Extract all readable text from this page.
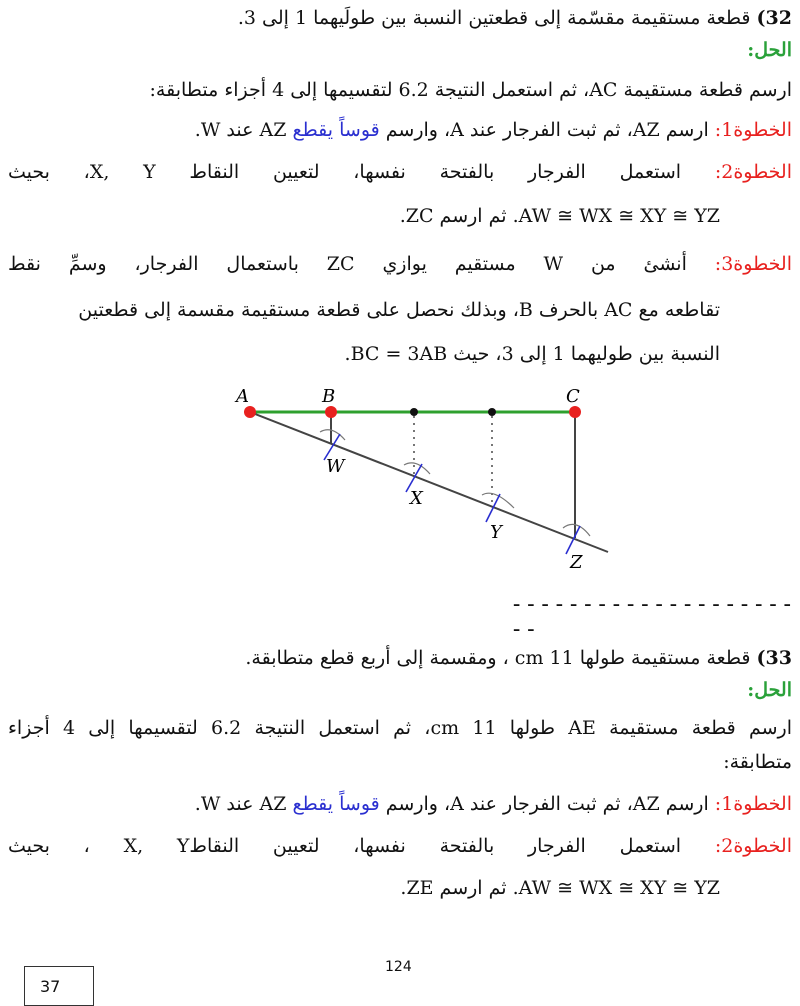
32) قطعة مستقيمة مقسّمة إلى قطعتين النسبة بين طولَيهما 1 إلى 3.
الحل:
ارسم قطعة مستقيمة AC، ثم استعمل النتيجة 6.2 لتقسيمها إلى 4 أجزاء متطابقة:
الخطوة1: ارسم AZ، ثم ثبت الفرجار عند A، وارسم قوساً يقطع AZ عند W.
الخطوة2: استعمل الفرجار بالفتحة نفسها، لتعيين النقاط X, Y، بحيث
AW ≅ WX ≅ XY ≅ YZ. ثم ارسم ZC.
الخطوة3: أنشئ من W مستقيم يوازي ZC باستعمال الفرجار، وسمِّ نقط
تقاطعه مع AC بالحرف B، وبذلك نحصل على قطعة مستقيمة مقسمة إلى قطعتين
النسبة بين طوليهما 1 إلى 3، حيث BC = 3AB.
A	B	C
W
X
Y
Z
----------------------
33) قطعة مستقيمة طولها 11 cm ، ومقسمة إلى أربع قطع متطابقة.
الحل:
ارسم قطعة مستقيمة AE طولها 11 cm، ثم استعمل النتيجة 6.2 لتقسيمها إلى 4 أجزاء
متطابقة:
الخطوة1: ارسم AZ، ثم ثبت الفرجار عند A، وارسم قوساً يقطع AZ عند W.
الخطوة2: استعمل الفرجار بالفتحة نفسها، لتعيين النقاطX, Y ، بحيث
AW ≅ WX ≅ XY ≅ YZ. ثم ارسم ZE.
124
37
